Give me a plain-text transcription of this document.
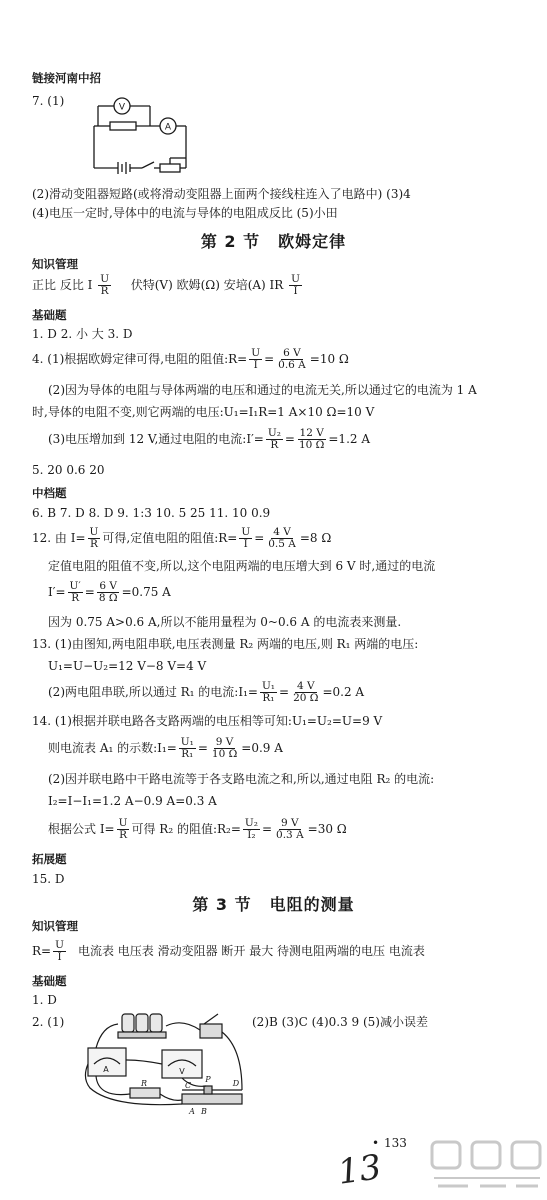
链接河南中招
7. (1)	V
A
(2)滑动变阻器短路(或将滑动变阻器上面两个接线柱连入了电路中) (3)4
(4)电压一定时,导体中的电流与导体的电阻成反比 (5)小田
第 2 节 欧姆定律
知识管理
正比 反比 I $\frac{U}{R}$ 伏特(V) 欧姆(Ω) 安培(A) IR $\frac{U}{I}$
基础题
1. D 2. 小 大 3. D
4. (1)根据欧姆定律可得,电阻的阻值:R= $\frac{U}{I} = \frac{6 V}{0.6 A} =10$ Ω
(2)因为导体的电阻与导体两端的电压和通过的电流无关,所以通过它的电流为 1 A
时,导体的电阻不变,则它两端的电压:U₁=I₁R=1 A×10 Ω=10 V
(3)电压增加到 12 V,通过电阻的电流:I′= $\frac{\text{U₂}}{R} = \frac{12 V}{10 \Omega} =1.2$ A
5. 20 0.6 20
中档题
6. B 7. D 8. D 9. 1:3 10. 5 25 11. 10 0.9
12. 由 $I= \frac{U}{R}$ 可得,定值电阻的阻值:R= $\frac{U}{I} = \frac{4 V}{0.5 A} =8$ Ω
定值电阻的阻值不变,所以,这个电阻两端的电压增大到 6 V 时,通过的电流
$I'= \frac{U'}{R} = \frac{6 V}{8 \Omega} =0.75$ A
因为 0.75 A>0.6 A,所以不能用量程为 0~0.6 A 的电流表来测量.
13. (1)由图知,两电阻串联,电压表测量 R₂ 两端的电压,则 R₁ 两端的电压:
U₁=U−U₂=12 V−8 V=4 V
(2)两电阻串联,所以通过 R₁ 的电流:I₁= $\frac{\text{U₁}}{\text{R₁}} = \frac{4 V}{20 \Omega} =0.2$ A
14. (1)根据并联电路各支路两端的电压相等可知:U₁=U₂=U=9 V
则电流表 A₁ 的示数:I₁= $\frac{\text{U₁}}{\text{R₁}} = \frac{9 V}{10 \Omega} =0.9$ A
(2)因并联电路中干路电流等于各支路电流之和,所以,通过电阻 R₂ 的电流:
I₂=I−I₁=1.2 A−0.9 A=0.3 A
根据公式 $I= \frac{U}{R}$ 可得 R₂ 的阻值:R₂= $\frac{\text{U₂}}{\text{I₂}} = \frac{9 V}{0.3 A} =30$ Ω
拓展题
15. D
第 3 节 电阻的测量
知识管理
$R= \frac{U}{I}$ 电流表 电压表 滑动变阻器 断开 最大 待测电阻两端的电压 电流表
基础题
1. D
2. (1)	(2)B (3)C (4)0.3 9 (5)减小误差
A	V
R	P
C	D
A B
• 133
13
